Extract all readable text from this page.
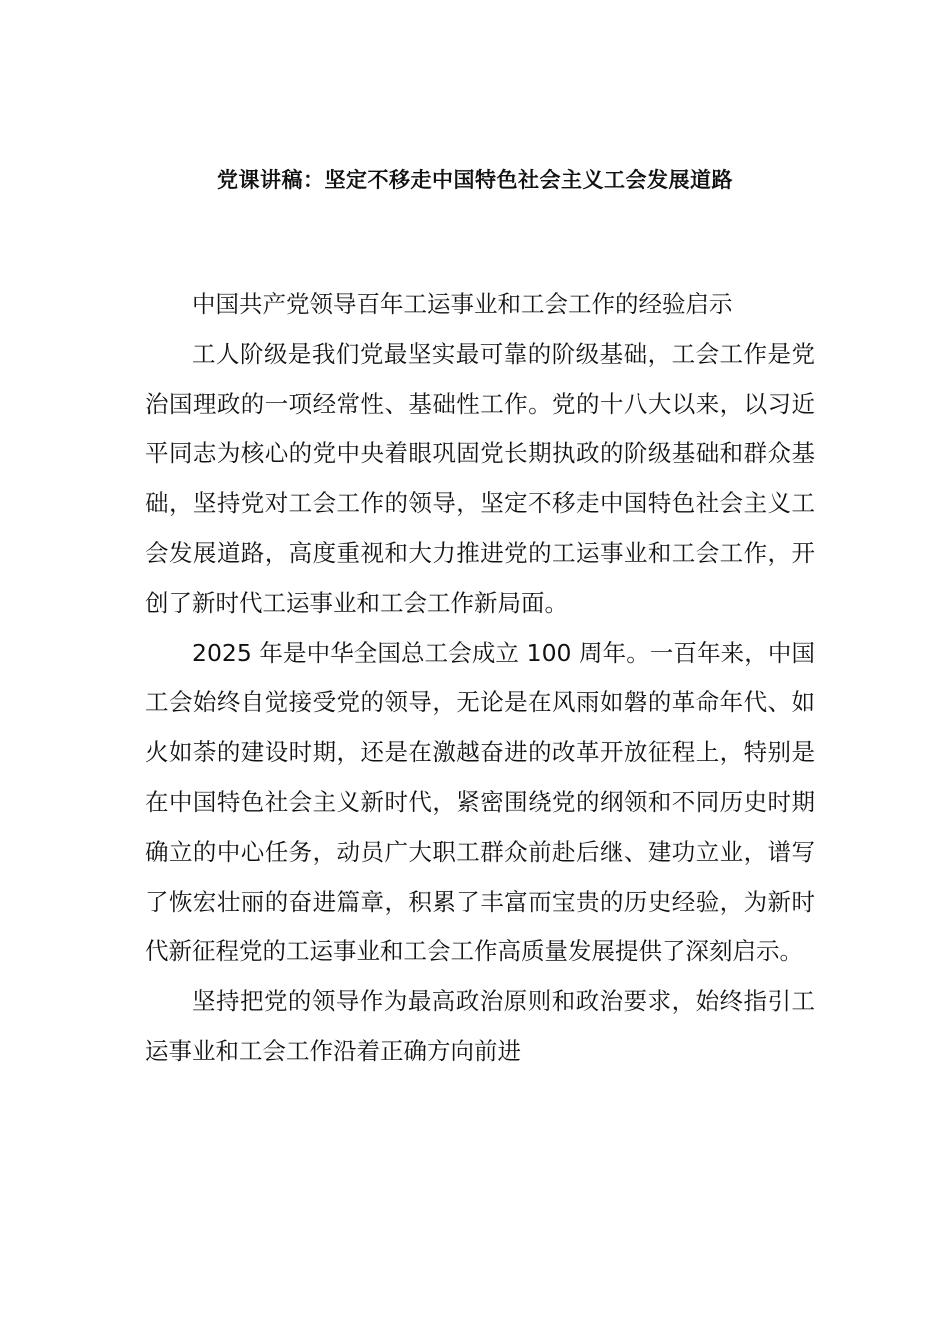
党课讲稿：坚定不移走中国特色社会主义工会发展道路

中国共产党领导百年工运事业和工会工作的经验启示

工人阶级是我们党最坚实最可靠的阶级基础，工会工作是党治国理政的一项经常性、基础性工作。党的十八大以来，以习近平同志为核心的党中央着眼巩固党长期执政的阶级基础和群众基础，坚持党对工会工作的领导，坚定不移走中国特色社会主义工会发展道路，高度重视和大力推进党的工运事业和工会工作，开创了新时代工运事业和工会工作新局面。

2025 年是中华全国总工会成立 100 周年。一百年来，中国工会始终自觉接受党的领导，无论是在风雨如磐的革命年代、如火如荼的建设时期，还是在激越奋进的改革开放征程上，特别是在中国特色社会主义新时代，紧密围绕党的纲领和不同历史时期确立的中心任务，动员广大职工群众前赴后继、建功立业，谱写了恢宏壮丽的奋进篇章，积累了丰富而宝贵的历史经验，为新时代新征程党的工运事业和工会工作高质量发展提供了深刻启示。

坚持把党的领导作为最高政治原则和政治要求，始终指引工运事业和工会工作沿着正确方向前进
